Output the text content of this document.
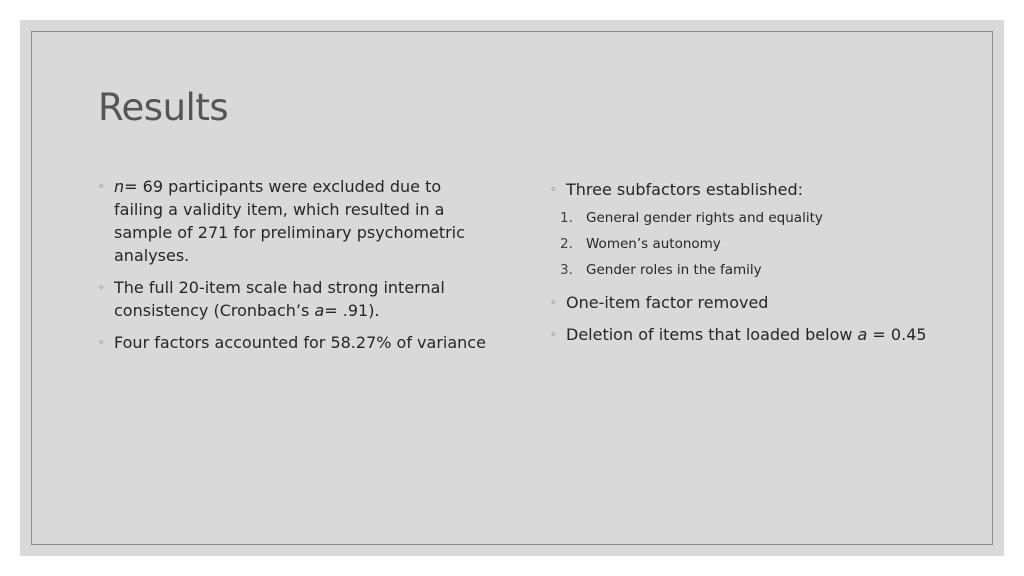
Results
◦ n= 69 participants were excluded due to failing a validity item, which resulted in a sample of 271 for preliminary psychometric analyses.
◦ The full 20-item scale had strong internal consistency (Cronbach’s a= .91).
◦ Four factors accounted for 58.27% of variance
◦ Three subfactors established:
1. General gender rights and equality
2. Women’s autonomy
3. Gender roles in the family
◦ One-item factor removed
◦ Deletion of items that loaded below a = 0.45
